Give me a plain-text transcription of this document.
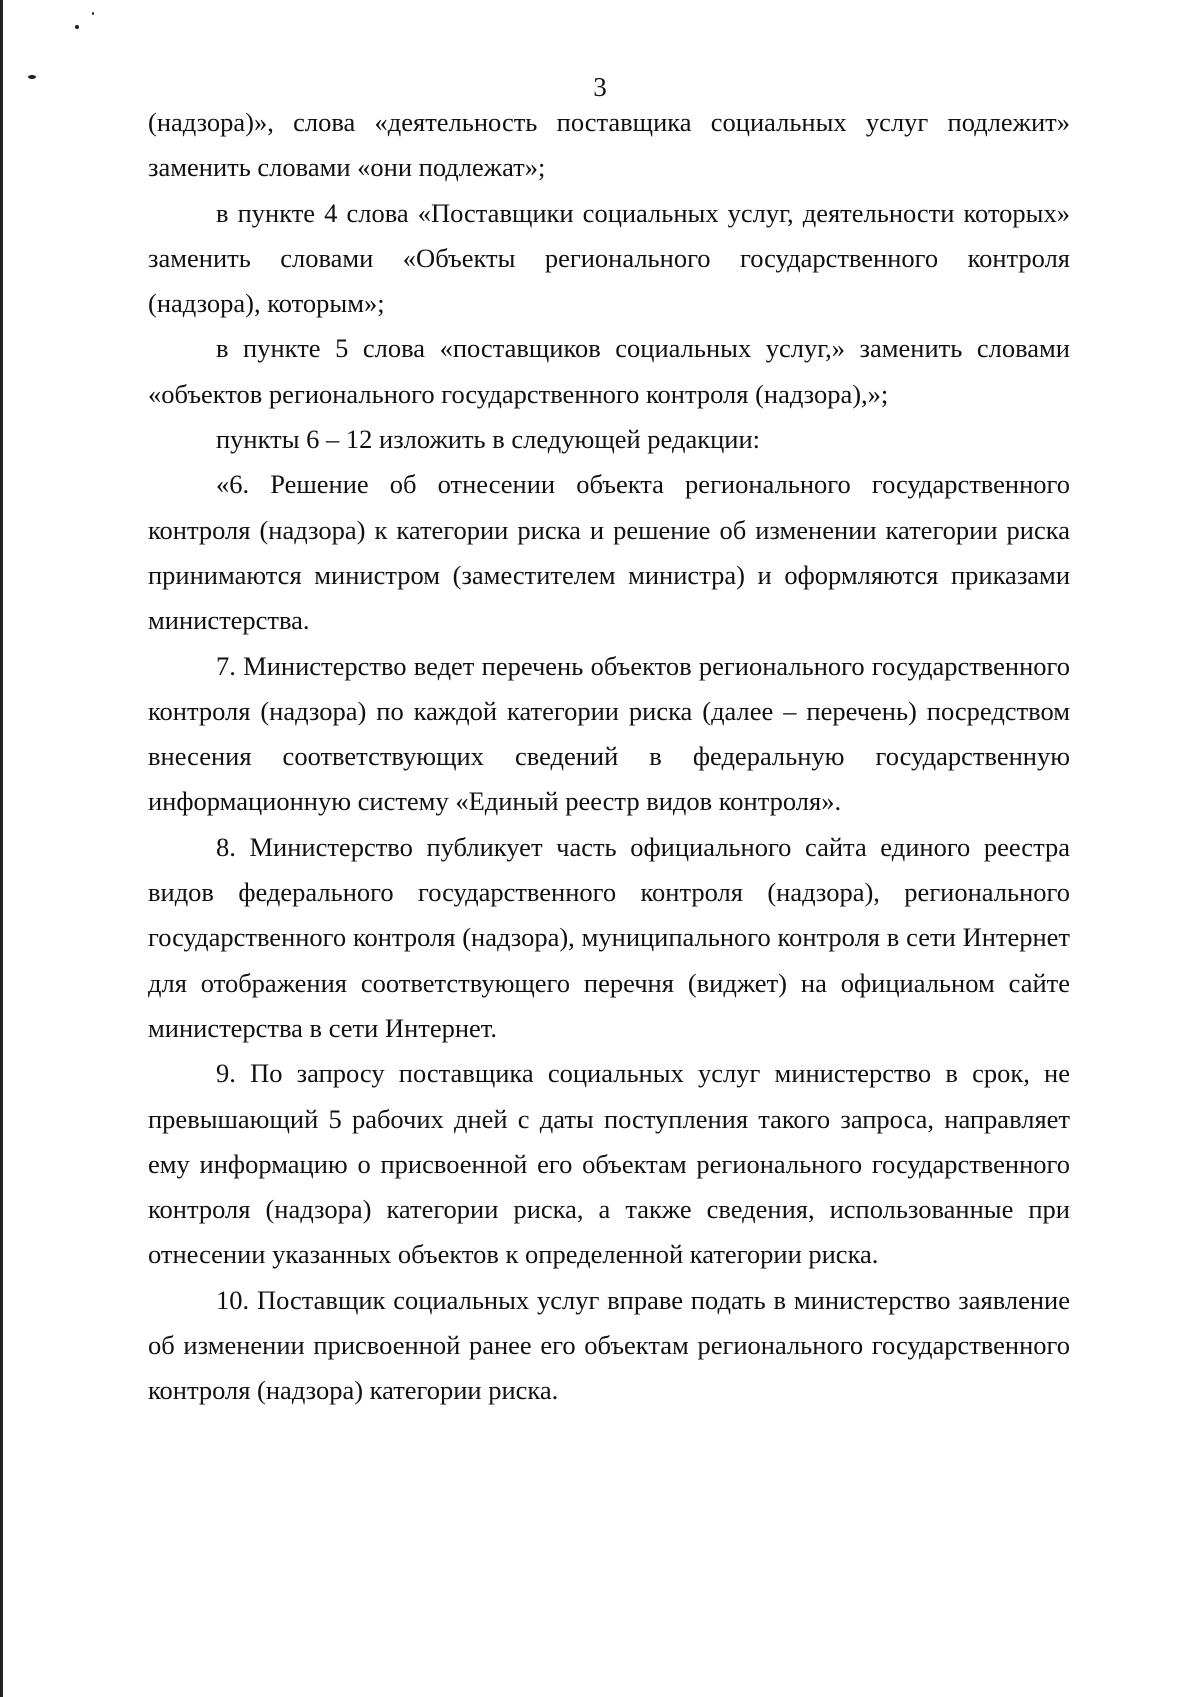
3

(надзора)», слова «деятельность поставщика социальных услуг подлежит» заменить словами «они подлежат»;

в пункте 4 слова «Поставщики социальных услуг, деятельности которых» заменить словами «Объекты регионального государственного контроля (надзора), которым»;

в пункте 5 слова «поставщиков социальных услуг,» заменить словами «объектов регионального государственного контроля (надзора),»;

пункты 6 – 12 изложить в следующей редакции:

«6. Решение об отнесении объекта регионального государственного контроля (надзора) к категории риска и решение об изменении категории риска принимаются министром (заместителем министра) и оформляются приказами министерства.

7. Министерство ведет перечень объектов регионального государственного контроля (надзора) по каждой категории риска (далее – перечень) посредством внесения соответствующих сведений в федеральную государственную информационную систему «Единый реестр видов контроля».

8. Министерство публикует часть официального сайта единого реестра видов федерального государственного контроля (надзора), регионального государственного контроля (надзора), муниципального контроля в сети Интернет для отображения соответствующего перечня (виджет) на официальном сайте министерства в сети Интернет.

9. По запросу поставщика социальных услуг министерство в срок, не превышающий 5 рабочих дней с даты поступления такого запроса, направляет ему информацию о присвоенной его объектам регионального государственного контроля (надзора) категории риска, а также сведения, использованные при отнесении указанных объектов к определенной категории риска.

10. Поставщик социальных услуг вправе подать в министерство заявление об изменении присвоенной ранее его объектам регионального государственного контроля (надзора) категории риска.
